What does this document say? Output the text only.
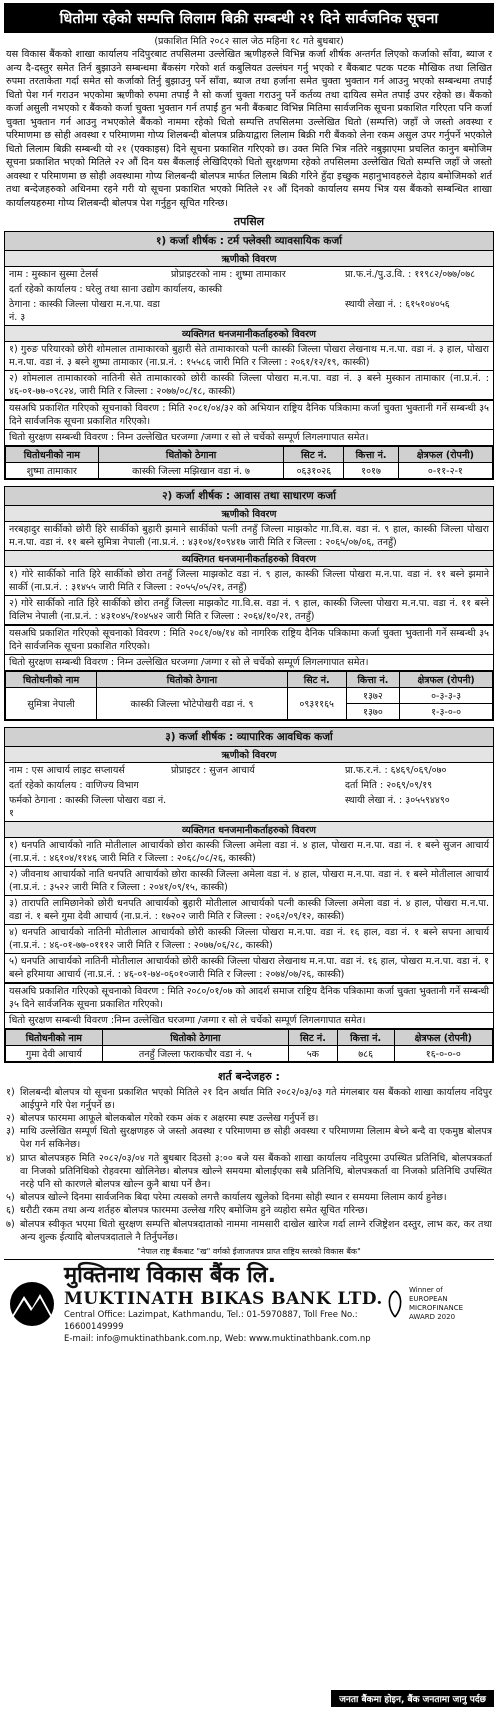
धितोमा रहेको सम्पत्ति लिलाम बिक्री सम्बन्धी २१ दिने सार्वजनिक सूचना
(प्रकाशित मिति २०८२ साल जेठ महिना १८ गते बुधबार)
यस विकास बैंकको शाखा कार्यालय नदिपुरबाट तपसिलमा उल्लेखित ऋणीहरुले विभिन्न कर्जा शीर्षक अन्तर्गत लिएको कर्जाको साँवा, ब्याज र अन्य दै-दस्तुर समेत तिर्न बुझाउने सम्बन्धमा बैंकसंग गरेको शर्त कबुलियत उल्लंघन गर्नु भएको र बैंकबाट पटक पटक मौखिक तथा लिखित रुपमा तरताकेता गर्दा समेत सो कर्जाको तिर्नु बुझाउनु पर्ने साँवा, ब्याज तथा हर्जाना समेत चुक्ता भुक्तान गर्न आउनु भएको सम्बन्धमा तपाईं धितो पेश गर्न गराउन भएकोमा ऋणीको रुपमा तपाईं नै सो कर्जा चुक्ता गराउनु पर्ने कर्तव्य तथा दायित्व समेत तपाईं उपर रहेको छ। बैंकको कर्जा असुली नभएको र बैंकको कर्जा चुक्ता भुक्तान गर्न तपाईं हुन भनी बैंकबाट विभिन्न मितिमा सार्वजनिक सूचना प्रकाशित गरिएता पनि कर्जा चुक्ता भुक्तान गर्न आउनु नभएकोले बैंकको नाममा रहेको धितो सम्पत्ति तपसिलमा उल्लेखित धितो (सम्पत्ति) जहाँ जे जस्तो अवस्था र परिमाणमा छ सोही अवस्था र परिमाणमा गोप्य शिलबन्दी बोलपत्र प्रक्रियाद्वारा लिलाम बिक्री गरी बैंकको लेना रकम असुल उपर गर्नुपर्ने भएकोले धितो लिलाम बिक्री सम्बन्धी यो २१ (एक्काइस) दिने सूचना प्रकाशित गरिएको छ। उक्त मिति भित्र नतिरे नबुझाएमा प्रचलित कानुन बमोजिम सूचना प्रकाशित भएको मितिले २२ औं दिन यस बैंकलाई लेखिदिएको धितो सुरक्षणमा रहेको तपसिलमा उल्लेखित धितो सम्पत्ति जहाँ जे जस्तो अवस्था र परिमाणमा छ सोही अवस्थामा गोप्य शिलबन्दी बोलपत्र मार्फत लिलाम बिक्री गरिने हुँदा इच्छुक महानुभावहरुले देहाय बमोजिमको शर्त तथा बन्देजहरुको अधिनमा रहने गरी यो सूचना प्रकाशित भएको मितिले २१ औं दिनको कार्यालय समय भित्र यस बैंकको सम्बन्धित शाखा कार्यालयहरुमा गोप्य शिलबन्दी बोलपत्र पेश गर्नुहुन सूचित गरिन्छ।
तपसिल
१) कर्जा शीर्षक : टर्म फ्लेक्सी व्यावसायिक कर्जा
ऋणीको विवरण
नाम : मुस्कान सुस्मा टेलर्स	प्रोप्राइटरको नाम : शुष्मा तामाकार	प्रा.फ.नं./पु.उ.वि. : ११९८२/०७७/०७८
दर्ता रहेको कार्यालय : घरेलु तथा साना उद्योग कार्यालय, कास्की
ठेगाना : कास्की जिल्ला पोखरा म.न.पा. वडा नं. ३
स्थायी लेखा नं. : ६१५१०४०५६
व्यक्तिगत धनजमानीकर्ताहरुको विवरण
१) गुरुङ परियारको छोरी शोमलाल तामाकारको बुहारी सेते तामाकारको पत्नी कास्की जिल्ला पोखरा लेखनाथ म.न.पा. वडा नं. ३ हाल, पोखरा म.न.पा. वडा नं. ३ बस्ने शुष्मा तामाकार (ना.प्र.नं. : १५५८६ जारी मिति र जिल्ला : २०६१/१२/१९, कास्की)
२) शोमलाल तामाकारको नातिनी सेते तामाकारको छोरी कास्की जिल्ला पोखरा म.न.पा. वडा नं. ३ बस्ने मुस्कान तामाकार (ना.प्र.नं. : ४६-०१-७७-०९८२४, जारी मिति र जिल्ला : २०७७/०८/१८, कास्की)
यसअघि प्रकाशित गरिएको सूचनाको विवरण : मिति २०८१/०४/३२ को अभियान राष्ट्रिय दैनिक पत्रिकामा कर्जा चुक्ता भुक्तानी गर्ने सम्बन्धी ३५ दिने सार्वजनिक सूचना प्रकाशित गरिएको।
धितो सुरक्षण सम्बन्धी विवरण : निम्न उल्लेखित घरजग्गा /जग्गा र सो ले चर्चेको सम्पूर्ण लिगलगापात समेत।
धितोधनीको नाम	धितोको ठेगाना	सिट नं.	कित्ता नं.	क्षेत्रफल (रोपनी)
शुष्मा तामाकार	कास्की जिल्ला मझिखान वडा नं. ७	०६३१०२६	१०१७	०-११-२-१
२) कर्जा शीर्षक : आवास तथा साधारण कर्जा
ऋणीको विवरण
नरबहादुर सार्कीको छोरीे हिरे सार्कीको बुहारी झमाने सार्कीको पत्नी तनहुँ जिल्ला माझकोट गा.वि.स. वडा नं. ९ हाल, कास्की जिल्ला पोखरा म.न.पा. वडा नं. ११ बस्ने सुमित्रा नेपाली (ना.प्र.नं. : ४३१०४/१०९४१७ जारी मिति र जिल्ला : २०६५/०७/०६, तनहुँ)
व्यक्तिगत धनजमानीकर्ताहरुको विवरण
१) गोरे सार्कीको नाति हिरे सार्कीको छोरा तनहुँ जिल्ला माझकोट वडा नं. ९ हाल, कास्की जिल्ला पोखरा म.न.पा. वडा नं. ११ बस्ने झमाने सार्की (ना.प्र.नं. : ३१४५५ जारी मिति र जिल्ला : २०५५/०५/२१, तनहुँ)
२) गोरे सार्कीको नाति हिरे सार्कीको छोरा तनहुँ जिल्ला माझकोट गा.वि.स. वडा नं. ९ हाल, कास्की जिल्ला पोखरा म.न.पा. वडा नं. ११ बस्ने विलिभ नेपाली (ना.प्र.नं. : ४३१०४५/१०४५४२ जारी मिति र जिल्ला : २०६४/१०/२१, तनहुँ)
यसअघि प्रकाशित गरिएको सूचनाको विवरण : मिति २०८१/०७/१४ को नागरिक राष्ट्रिय दैनिक पत्रिकामा कर्जा चुक्ता भुक्तानी गर्ने सम्बन्धी ३५ दिने सार्वजनिक सूचना प्रकाशित गरिएको।
धितो सुरक्षण सम्बन्धी विवरण : निम्न उल्लेखित घरजग्गा /जग्गा र सो ले चर्चेको सम्पूर्ण लिगलगापात समेत।
धितोधनीको नाम	धितोको ठेगाना	सिट नं.	कित्ता नं.	क्षेत्रफल (रोपनी)
सुमित्रा नेपाली	कास्की जिल्ला भोटेपोखरी वडा नं. ९	०९३११६५	१३७२	०-३-३-३
			१३७०	१-३-०-०
३) कर्जा शीर्षक : व्यापारिक आवधिक कर्जा
ऋणीको विवरण
नाम : एस आचार्य लाइट सप्लायर्स	प्रोप्राइटर : सुजन आचार्य	प्रा.फ.र.नं. : ६४६९/०६९/०७०
दर्ता रहेको कार्यालय : वाणिज्य विभाग	दर्ता मिति : २०६९/०९/१९
फर्मको ठेगाना : कास्की जिल्ला पोखरा वडा नं. १
स्थायी लेखा नं. : ३०५५९४४९०
व्यक्तिगत धनजमानीकर्ताहरुको विवरण
१) धनपति आचार्यको नाति मोतीलाल आचार्यको छोरा कास्की जिल्ला अमेला वडा नं. ४ हाल, पोखरा म.न.पा. वडा नं. १ बस्ने सुजन आचार्य (ना.प्र.नं. : ४६१०४/११४६ जारी मिति र जिल्ला : २०६८/०८/२६, कास्की)
२) जीवनाथ आचार्यको नाति धनपति आचार्यको छोरा कास्की जिल्ला अमेला वडा नं. ४ हाल, पोखरा म.न.पा. वडा नं. १ बस्ने मोतीलाल आचार्य (ना.प्र.नं. : ३५२२ जारी मिति र जिल्ला : २०४१/०९/१५, कास्की)
३) तारापति लामिछानेको छोरी धनपति आचार्यको बुहारी मोतीलाल आचार्यको पत्नी कास्की जिल्ला अमेला वडा नं. ४ हाल, पोखरा म.न.पा. वडा नं. १ बस्ने गुमा देवी आचार्य (ना.प्र.नं. : १७२०२ जारी मिति र जिल्ला : २०६२/०९/१२, कास्की)
४) धनपति आचार्यको नातिनी मोतीलाल आचार्यको छोरी कास्की जिल्ला पोखरा म.न.पा. वडा नं. १६ हाल, वडा नं. १ बस्ने सपना आचार्य (ना.प्र.नं. : ४६-०१-७७-०१११२ जारी मिति र जिल्ला : २०७७/०६/२८, कास्की)
५) धनपति आचार्यको नातिनी मोतीलाल आचार्यको छोरी कास्की जिल्ला पोखरा लेखनाथ म.न.पा. वडा नं. १६ हाल, पोखरा म.न.पा. वडा नं. १ बस्ने हरिमाया आचार्य (ना.प्र.नं. : ४६-०१-७४-०६०१०जारी मिति र जिल्ला : २०७४/०७/२६, कास्की)
यसअघि प्रकाशित गरिएको सूचनाको विवरण : मिति २०८०/०१/०७ को आदर्श समाज राष्ट्रिय दैनिक पत्रिकामा कर्जा चुक्ता भुक्तानी गर्ने सम्बन्धी ३५ दिने सार्वजनिक सूचना प्रकाशित गरिएको।
धितो सुरक्षण सम्बन्धी विवरण :निम्न उल्लेखित घरजग्गा /जग्गा र सो ले चर्चेको सम्पूर्ण लिगलगापात समेत।
धितोधनीको नाम	धितोको ठेगाना	सिट नं.	कित्ता नं.	क्षेत्रफल (रोपनी)
गुमा देवी आचार्य	तनहुँ जिल्ला फराकचौर वडा नं. ५	५क	७८६	१६-०-०-०
शर्त बन्देजहरु :
१) शिलबन्दी बोलपत्र यो सूचना प्रकाशित भएको मितिले २१ दिन अर्थात मिति २०८२/०३/०३ गते मंगलबार यस बैंकको शाखा कार्यालय नदिपुर आईपुग्ने गरि पेश गर्नुपर्ने छ।
२) बोलपत्र फारममा आफूले बोलकबोल गरेको रकम अंक र अक्षरमा स्पष्ट उल्लेख गर्नुपर्ने छ।
३) माथि उल्लेखित सम्पूर्ण धितो सुरक्षणहरु जे जस्तो अवस्था र परिमाणमा छ सोही अवस्था र परिमाणमा लिलाम बेच्ने बन्दै वा एकमुष्ठ बोलपत्र पेश गर्न सकिनेछ।
४) प्राप्त बोलपत्रहरु मिति २०८२/०३/०४ गते बुधबार दिउसो ३:०० बजे यस बैंकको शाखा कार्यालय नदिपुरमा उपस्थित प्रतिनिधि, बोलपत्रकर्ता वा निजको प्रतिनिधिको रोहवरमा खोलिनेछ। बोलपत्र खोल्ने समयमा बोलाईएका सबै प्रतिनिधि, बोलपत्रकर्ता वा निजको प्रतिनिधि उपस्थित नरहे पनि सो कारणले बोलपत्र खोल्न कुनै बाधा पर्ने छैन।
५) बोलपत्र खोल्ने दिनमा सार्वजनिक बिदा परेमा त्यसको लगत्तै कार्यालय खुलेको दिनमा सोही स्थान र समयमा लिलाम कार्य हुनेछ।
६) धरौटी रकम तथा अन्य शर्तहरु बोलपत्र फारममा उल्लेख गरिए बमोजिम हुने व्यहोरा समेत सूचित गरिन्छ।
७) बोलपत्र स्वीकृत भएमा धितो सुरक्षण सम्पत्ति बोलपत्रदाताको नाममा नामसारी दाखेल खारेज गर्दा लाग्ने रजिष्ट्रेशन दस्तुर, लाभ कर, कर तथा अन्य शुल्क ईत्यादि बोलपत्रदाताले नै तिर्नुपर्नेछ।
"नेपाल राष्ट्र बैंकबाट "ख" वर्गको ईजाजतपत्र प्राप्त राष्ट्रिय स्तरको विकास बैंक"
मुक्तिनाथ विकास बैंक लि.
MUKTINATH BIKAS BANK LTD.
Central Office: Lazimpat, Kathmandu, Tel.: 01-5970887, Toll Free No.: 16600149999
E-mail: info@muktinathbank.com.np, Web: www.muktinathbank.com.np
Winner of
EUROPEAN
MICROFINANCE
AWARD 2020
जनता बैंकमा होइन, बैंक जनतामा जानु पर्दछ
